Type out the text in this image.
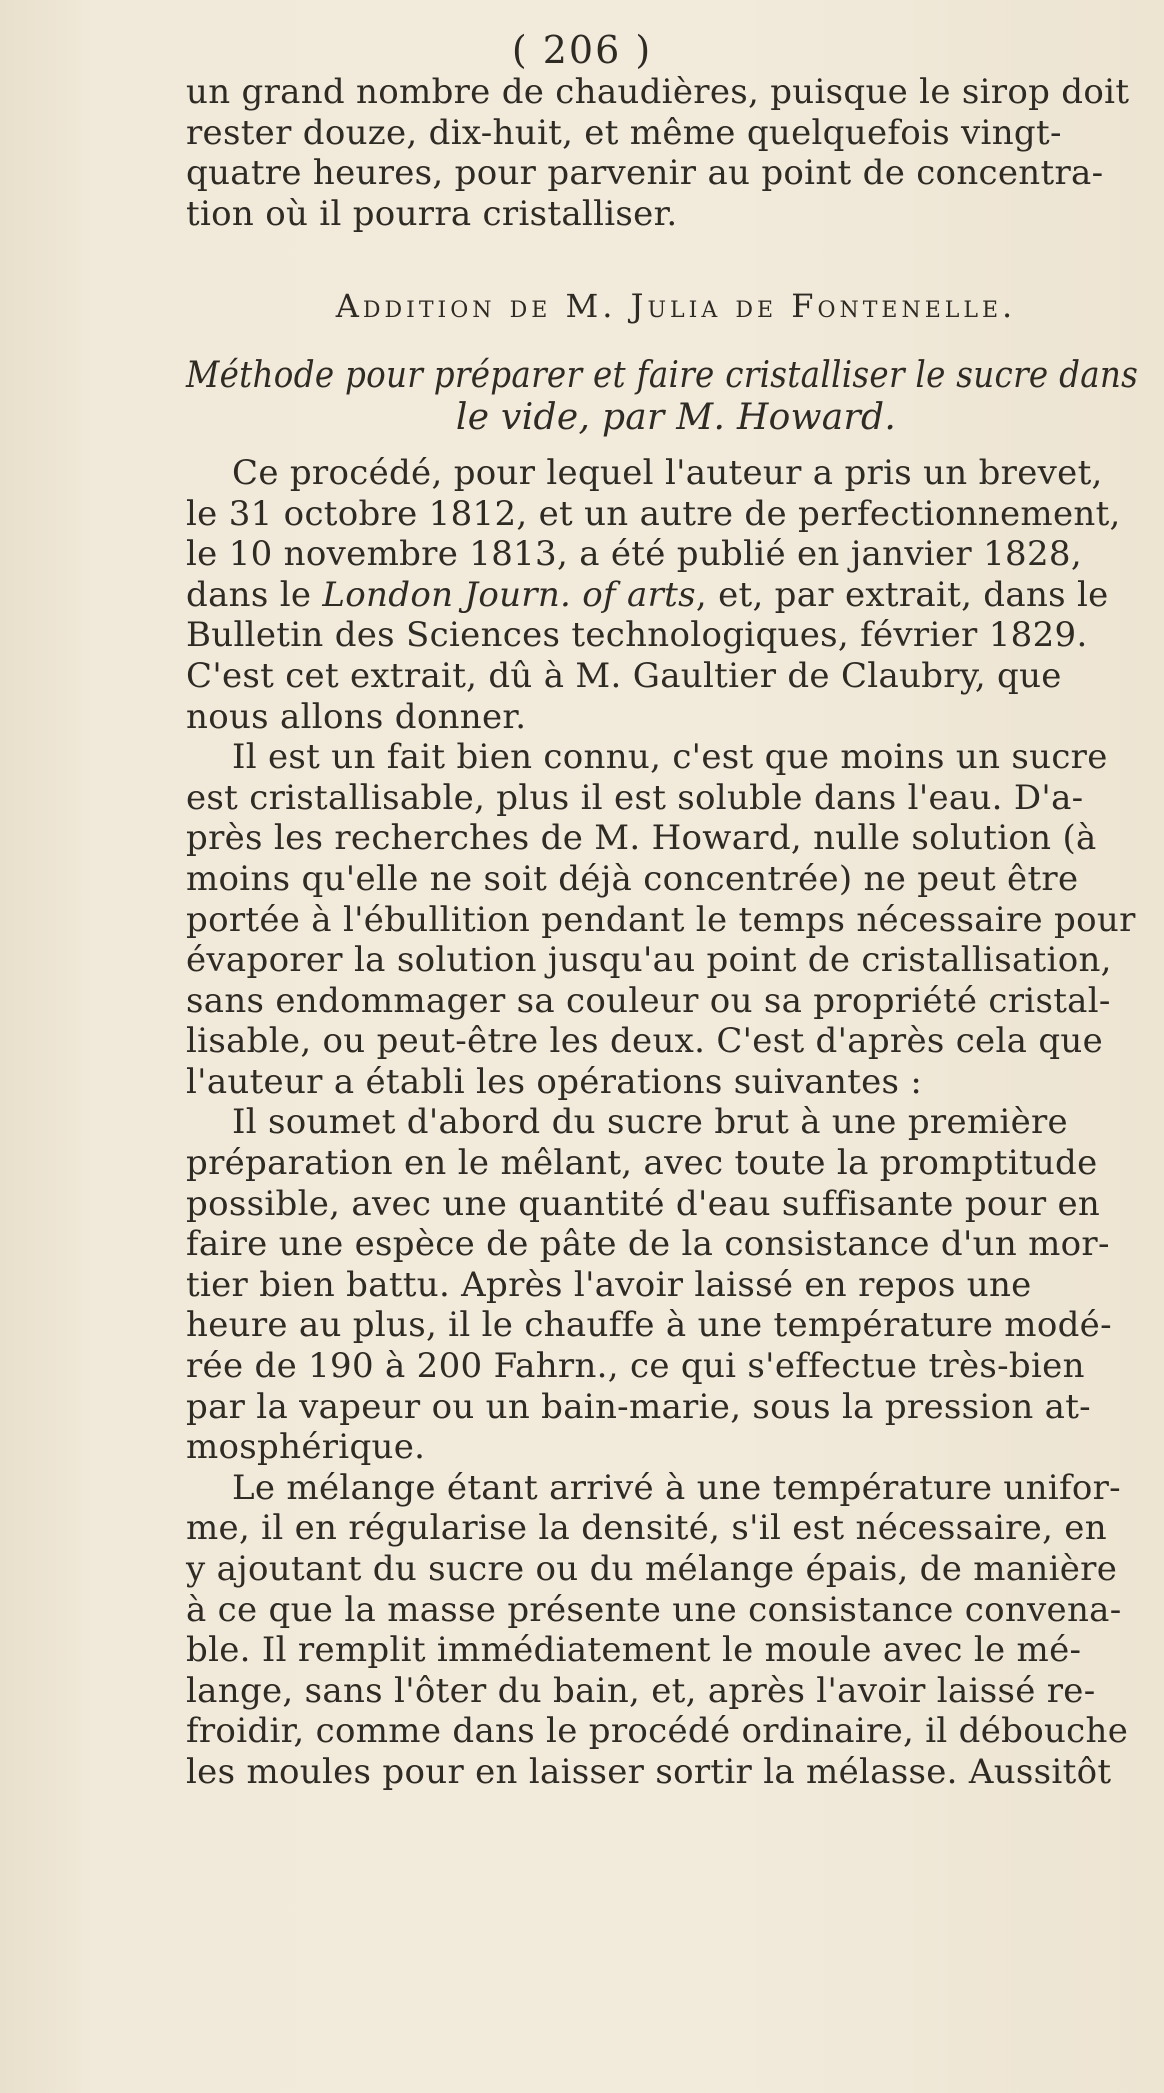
( 206 )
un grand nombre de chaudières, puisque le sirop doit
rester douze, dix-huit, et même quelquefois vingt-
quatre heures, pour parvenir au point de concentra-
tion où il pourra cristalliser.
Addition de M. Julia de Fontenelle.
Méthode pour préparer et faire cristalliser le sucre dans
le vide, par M. Howard.
Ce procédé, pour lequel l'auteur a pris un brevet,
le 31 octobre 1812, et un autre de perfectionnement,
le 10 novembre 1813, a été publié en janvier 1828,
dans le London Journ. of arts, et, par extrait, dans le
Bulletin des Sciences technologiques, février 1829.
C'est cet extrait, dû à M. Gaultier de Claubry, que
nous allons donner.
Il est un fait bien connu, c'est que moins un sucre
est cristallisable, plus il est soluble dans l'eau. D'a-
près les recherches de M. Howard, nulle solution (à
moins qu'elle ne soit déjà concentrée) ne peut être
portée à l'ébullition pendant le temps nécessaire pour
évaporer la solution jusqu'au point de cristallisation,
sans endommager sa couleur ou sa propriété cristal-
lisable, ou peut-être les deux. C'est d'après cela que
l'auteur a établi les opérations suivantes :
Il soumet d'abord du sucre brut à une première
préparation en le mêlant, avec toute la promptitude
possible, avec une quantité d'eau suffisante pour en
faire une espèce de pâte de la consistance d'un mor-
tier bien battu. Après l'avoir laissé en repos une
heure au plus, il le chauffe à une température modé-
rée de 190 à 200 Fahrn., ce qui s'effectue très-bien
par la vapeur ou un bain-marie, sous la pression at-
mosphérique.
Le mélange étant arrivé à une température unifor-
me, il en régularise la densité, s'il est nécessaire, en
y ajoutant du sucre ou du mélange épais, de manière
à ce que la masse présente une consistance convena-
ble. Il remplit immédiatement le moule avec le mé-
lange, sans l'ôter du bain, et, après l'avoir laissé re-
froidir, comme dans le procédé ordinaire, il débouche
les moules pour en laisser sortir la mélasse. Aussitôt
